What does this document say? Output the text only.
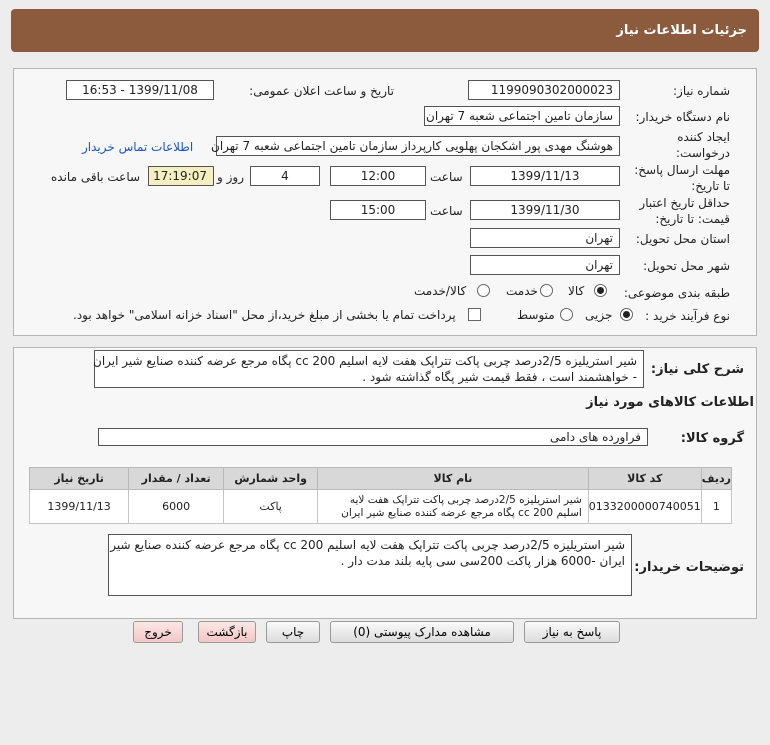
جزئیات اطلاعات نیاز
شماره نیاز:
1199090302000023
تاریخ و ساعت اعلان عمومی:
1399/11/08 - 16:53
نام دستگاه خریدار:
سازمان تامین اجتماعی شعبه 7 تهران
ایجاد کننده
درخواست:
هوشنگ مهدی پور اشکجان پهلویی کارپرداز سازمان تامین اجتماعی شعبه 7 تهران
اطلاعات تماس خریدار
مهلت ارسال پاسخ:
تا تاریخ:
1399/11/13
ساعت
12:00
4
روز و
17:19:07
ساعت باقی مانده
حداقل تاریخ اعتبار
قیمت: تا تاریخ:
1399/11/30
ساعت
15:00
استان محل تحویل:
تهران
شهر محل تحویل:
تهران
طبقه بندی موضوعی:
کالا
خدمت
کالا/خدمت
نوع فرآیند خرید :
جزیی
متوسط
پرداخت تمام یا بخشی از مبلغ خرید،از محل "اسناد خزانه اسلامی" خواهد بود.
شرح کلی نیاز:
شیر استریلیزه 2/5درصد چربی پاکت تتراپک هفت لایه اسلیم 200 cc پگاه مرجع عرضه کننده صنایع شیر ایران
- خواهشمند است ، فقط قیمت شیر پگاه گذاشته شود .
اطلاعات کالاهای مورد نیاز
گروه کالا:
فراورده های دامی
ردیف	کد کالا	نام کالا	واحد شمارش	تعداد / مقدار	تاریخ نیاز
1	0133200000740051	شیر استریلیزه 2/5درصد چربی پاکت تتراپک هفت لایه
اسلیم 200 cc پگاه مرجع عرضه کننده صنایع شیر ایران	پاکت	6000	1399/11/13
توضیحات خریدار:
شیر استریلیزه 2/5درصد چربی پاکت تتراپک هفت لایه اسلیم 200 cc پگاه مرجع عرضه کننده صنایع شیر
ایران -6000 هزار پاکت 200سی سی پایه بلند مدت دار .
پاسخ به نیاز
مشاهده مدارک پیوستی (0)
چاپ
بازگشت
خروج
